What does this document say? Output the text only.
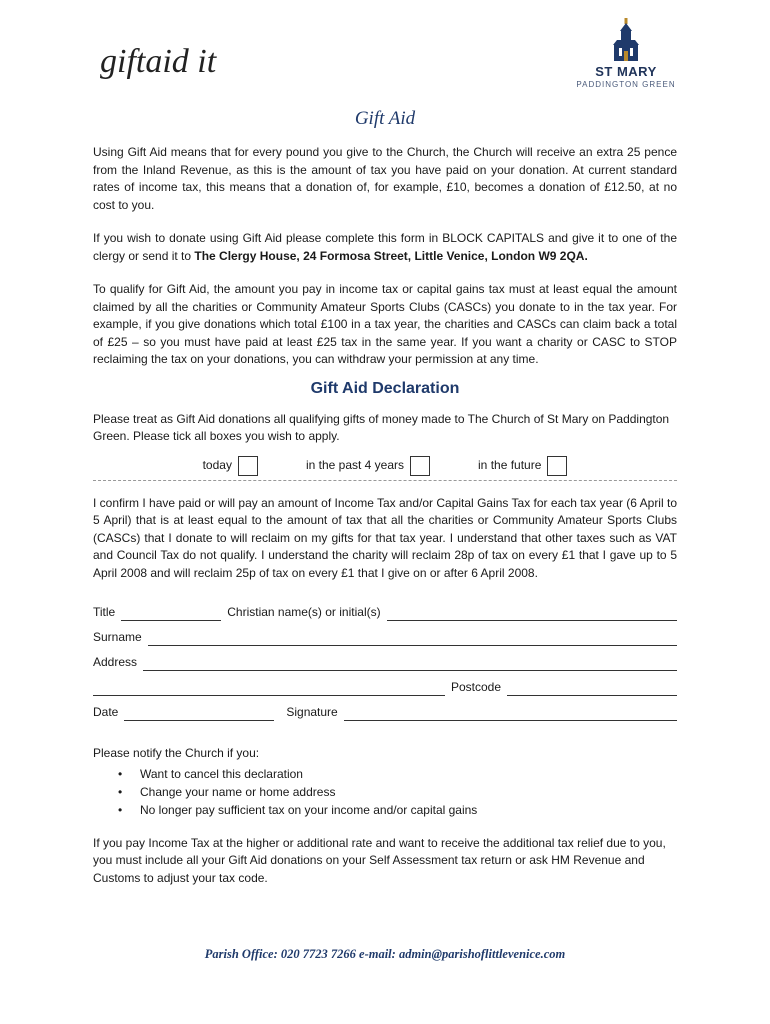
giftaid it	ST MARY
PADDINGTON GREEN
Gift Aid

Using Gift Aid means that for every pound you give to the Church, the Church will receive an extra 25 pence from the Inland Revenue, as this is the amount of tax you have paid on your donation. At current standard rates of income tax, this means that a donation of, for example, £10, becomes a donation of £12.50, at no cost to you.

If you wish to donate using Gift Aid please complete this form in BLOCK CAPITALS and give it to one of the clergy or send it to The Clergy House, 24 Formosa Street, Little Venice, London W9 2QA.

To qualify for Gift Aid, the amount you pay in income tax or capital gains tax must at least equal the amount claimed by all the charities or Community Amateur Sports Clubs (CASCs) you donate to in the tax year. For example, if you give donations which total £100 in a tax year, the charities and CASCs can claim back a total of £25 – so you must have paid at least £25 tax in the same year. If you want a charity or CASC to STOP reclaiming the tax on your donations, you can withdraw your permission at any time.

Gift Aid Declaration

Please treat as Gift Aid donations all qualifying gifts of money made to The Church of St Mary on Paddington Green. Please tick all boxes you wish to apply.

today	in the past 4 years	in the future

I confirm I have paid or will pay an amount of Income Tax and/or Capital Gains Tax for each tax year (6 April to 5 April) that is at least equal to the amount of tax that all the charities or Community Amateur Sports Clubs (CASCs) that I donate to will reclaim on my gifts for that tax year. I understand that other taxes such as VAT and Council Tax do not qualify. I understand the charity will reclaim 28p of tax on every £1 that I gave up to 5 April 2008 and will reclaim 25p of tax on every £1 that I give on or after 6 April 2008.

Title	Christian name(s) or initial(s)
Surname
Address
Postcode
Date	Signature

Please notify the Church if you:

• Want to cancel this declaration
• Change your name or home address
• No longer pay sufficient tax on your income and/or capital gains

If you pay Income Tax at the higher or additional rate and want to receive the additional tax relief due to you, you must include all your Gift Aid donations on your Self Assessment tax return or ask HM Revenue and Customs to adjust your tax code.

Parish Office: 020 7723 7266 e-mail: admin@parishoflittlevenice.com
